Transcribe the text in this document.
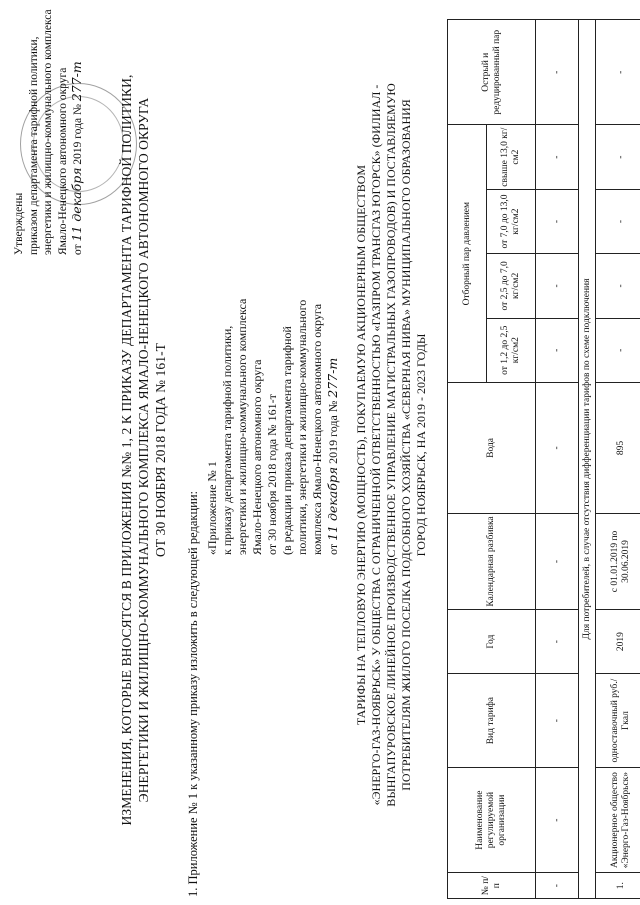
Утверждены приказом департамента тарифной политики, энергетики и жилищно-коммунального комплекса Ямало-Ненецкого автономного округа от 11 декабря 2019 года № 277-т	ИЗМЕНЕНИЯ, КОТОРЫЕ ВНОСЯТСЯ В ПРИЛОЖЕНИЯ №№ 1, 2 К ПРИКАЗУ ДЕПАРТАМЕНТА ТАРИФНОЙ ПОЛИТИКИ, ЭНЕРГЕТИКИ И ЖИЛИЩНО-КОММУНАЛЬНОГО КОМПЛЕКСА ЯМАЛО-НЕНЕЦКОГО АВТОНОМНОГО ОКРУГА ОТ 30 НОЯБРЯ 2018 ГОДА № 161-Т
1. Приложение № 1 к указанному приказу изложить в следующей редакции: «Приложение № 1 к приказу департамента тарифной политики, энергетики и жилищно-коммунального комплекса Ямало-Ненецкого автономного округа от 30 ноября 2018 года № 161-т (в редакции приказа департамента тарифной политики, энергетики и жилищно-коммунального комплекса Ямало-Ненецкого автономного округа от 11 декабря 2019 года № 277-т ТАРИФЫ НА ТЕПЛОВУЮ ЭНЕРГИЮ (МОЩНОСТЬ), ПОКУПАЕМУЮ АКЦИОНЕРНЫМ ОБЩЕСТВОМ «ЭНЕРГО-ГАЗ-НОЯБРЬСК» У ОБЩЕСТВА С ОГРАНИЧЕННОЙ ОТВЕТСТВЕННОСТЬЮ «ГАЗПРОМ ТРАНСГАЗ ЮГОРСК» (ФИЛИАЛ - ВЫНГАПУРОВСКОЕ ЛИНЕЙНОЕ ПРОИЗВОДСТВЕННОЕ УПРАВЛЕНИЕ МАГИСТРАЛЬНЫХ ГАЗОПРОВОДОВ) И ПОСТАВЛЯЕМУЮ ПОТРЕБИТЕЛЯМ ЖИЛОГО ПОСЕЛКА ПОДСОБНОГО ХОЗЯЙСТВА «СЕВЕРНАЯ НИВА» МУНИЦИПАЛЬНОГО ОБРАЗОВАНИЯ ГОРОД НОЯБРЬСК, НА 2019 - 2023 ГОДЫ
№ п/п	Наименование регулируемой организации	Вид тарифа	Год	Календарная разбивка	Вода	Отборный пар давлением				Острый и редуцированный пар
						от 1,2 до 2,5 кг/см2	от 2,5 до 7,0 кг/см2	от 7,0 до 13,0 кг/см2	свыше 13,0 кг/см2	
-	-	-	-	-	-	-	-	-	-	-
Для потребителей, в случае отсутствия дифференциации тарифов по схеме подключения										
1.	Акционерное общество «Энерго-Газ-Ноябрьск»	одноставочный руб./Гкал	2019	с 01.01.2019 по 30.06.2019	895	-	-	-	-	-
